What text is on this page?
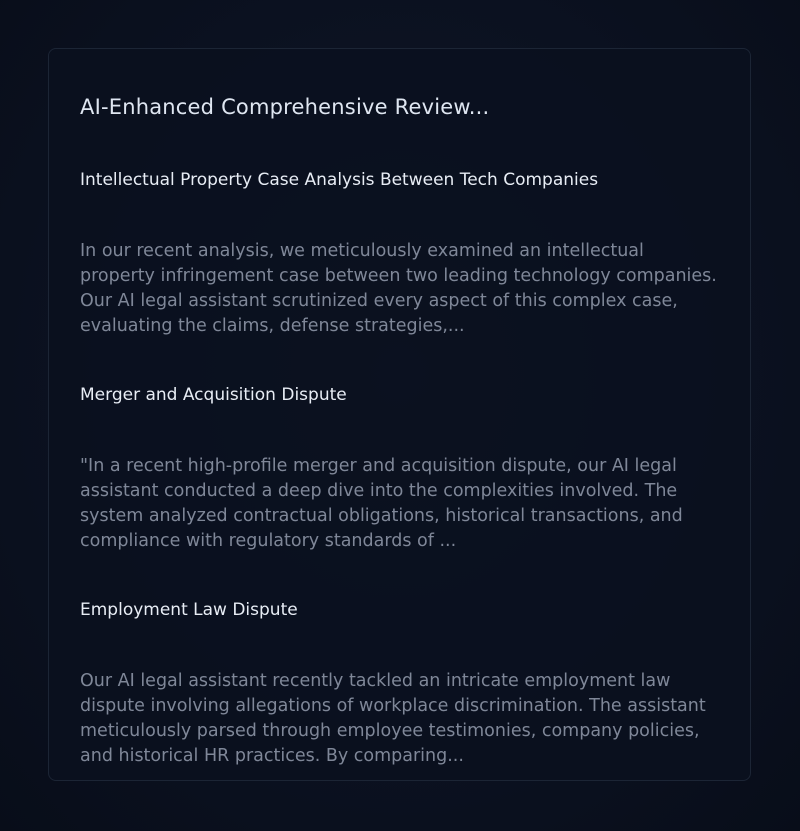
AI-Enhanced Comprehensive Review...
Intellectual Property Case Analysis Between Tech Companies

In our recent analysis, we meticulously examined an intellectual property infringement case between two leading technology companies. Our AI legal assistant scrutinized every aspect of this complex case, evaluating the claims, defense strategies,...

Merger and Acquisition Dispute

"In a recent high-profile merger and acquisition dispute, our AI legal assistant conducted a deep dive into the complexities involved. The system analyzed contractual obligations, historical transactions, and compliance with regulatory standards of ...

Employment Law Dispute

Our AI legal assistant recently tackled an intricate employment law dispute involving allegations of workplace discrimination. The assistant meticulously parsed through employee testimonies, company policies, and historical HR practices. By comparing...
